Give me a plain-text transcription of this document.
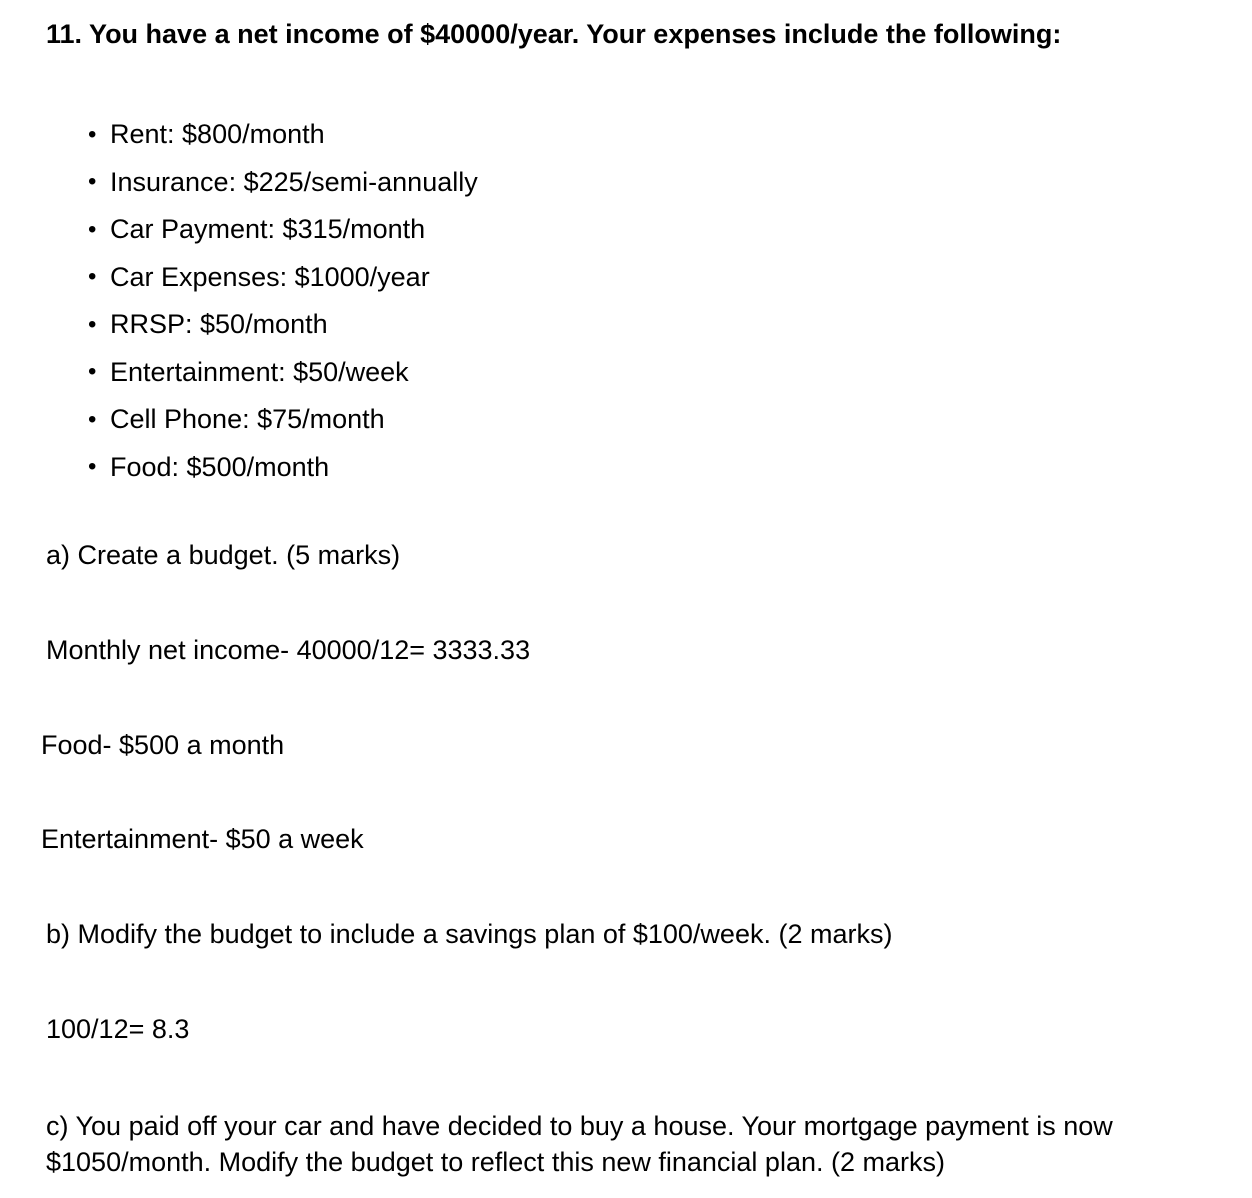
11. You have a net income of $40000/year. Your expenses include the following:
• Rent: $800/month
• Insurance: $225/semi-annually
• Car Payment: $315/month
• Car Expenses: $1000/year
• RRSP: $50/month
• Entertainment: $50/week
• Cell Phone: $75/month
• Food: $500/month
a) Create a budget. (5 marks)
Monthly net income- 40000/12= 3333.33
Food- $500 a month
Entertainment- $50 a week
b) Modify the budget to include a savings plan of $100/week. (2 marks)
100/12= 8.3
c) You paid off your car and have decided to buy a house. Your mortgage payment is now $1050/month. Modify the budget to reflect this new financial plan. (2 marks)
